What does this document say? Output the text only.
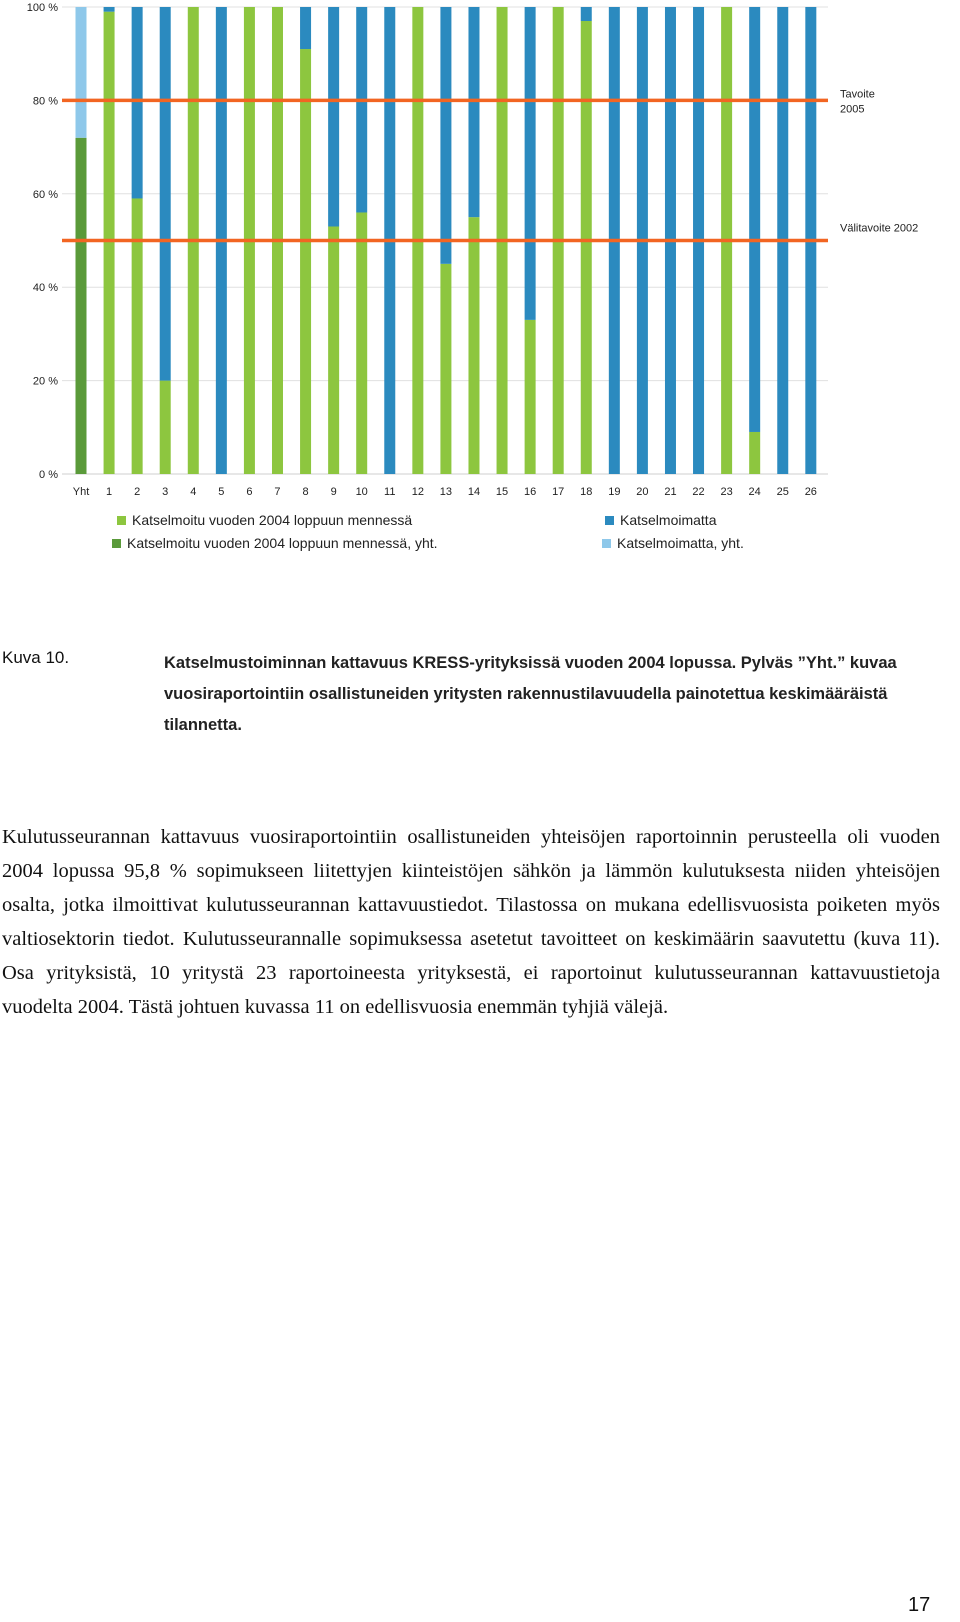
0 %
20 %
40 %
60 %
80 %
100 %
Tavoite
2005
Välitavoite 2002
Yht 1 2 3 4 5 6 7 8 9 10 11 12 13 14 15 16 17 18 19 20 21 22 23 24 25 26
Katselmoitu vuoden 2004 loppuun mennessä
Katselmoitu vuoden 2004 loppuun mennessä, yht.
Katselmoimatta
Katselmoimatta, yht.
Kuva 10.	Katselmustoiminnan kattavuus KRESS-yrityksissä vuoden 2004 lopussa. Pylväs ”Yht.” kuvaa vuosiraportointiin osallistuneiden yritysten rakennustilavuudella painotettua keskimääräistä tilannetta.
Kulutusseurannan kattavuus vuosiraportointiin osallistuneiden yhteisöjen raportoinnin perusteella oli vuoden 2004 lopussa 95,8 % sopimukseen liitettyjen kiinteistöjen sähkön ja lämmön kulutuksesta niiden yhteisöjen osalta, jotka ilmoittivat kulutusseurannan kattavuustiedot. Tilastossa on mukana edellisvuosista poiketen myös valtiosektorin tiedot. Kulutusseurannalle sopimuksessa asetetut tavoitteet on keskimäärin saavutettu (kuva 11). Osa yrityksistä, 10 yritystä 23 raportoineesta yrityksestä, ei raportoinut kulutusseurannan kattavuustietoja vuodelta 2004. Tästä johtuen kuvassa 11 on edellisvuosia enemmän tyhjiä välejä.
17
